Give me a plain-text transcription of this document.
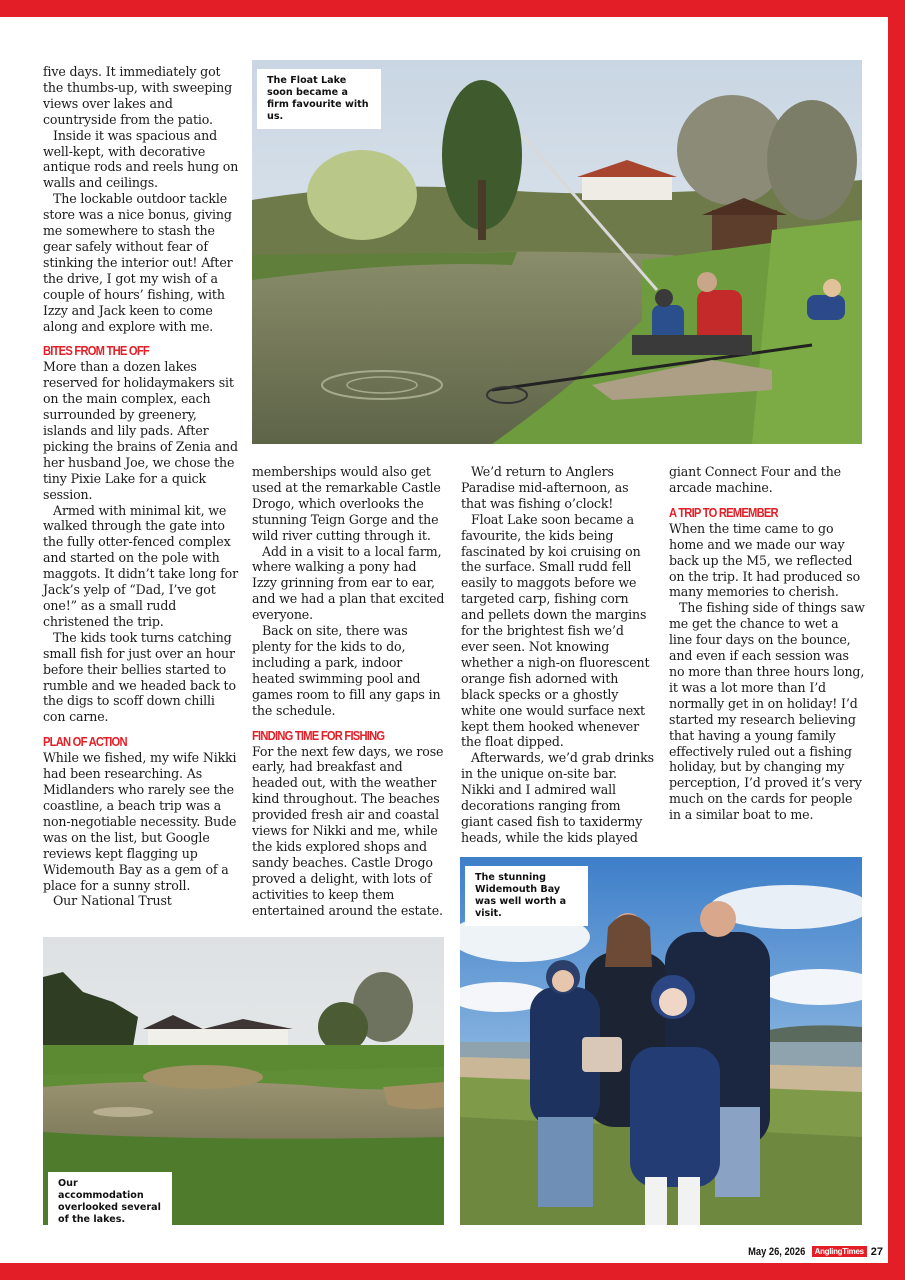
five days. It immediately got the thumbs-up, with sweeping views over lakes and countryside from the patio.

Inside it was spacious and well-kept, with decorative antique rods and reels hung on walls and ceilings.

The lockable outdoor tackle store was a nice bonus, giving me somewhere to stash the gear safely without fear of stinking the interior out! After the drive, I got my wish of a couple of hours’ fishing, with Izzy and Jack keen to come along and explore with me.

BITES FROM THE OFF

More than a dozen lakes reserved for holidaymakers sit on the main complex, each surrounded by greenery, islands and lily pads. After picking the brains of Zenia and her husband Joe, we chose the tiny Pixie Lake for a quick session.

Armed with minimal kit, we walked through the gate into the fully otter-fenced complex and started on the pole with maggots. It didn’t take long for Jack’s yelp of “Dad, I’ve got one!” as a small rudd christened the trip.

The kids took turns catching small fish for just over an hour before their bellies started to rumble and we headed back to the digs to scoff down chilli con carne.

PLAN OF ACTION

While we fished, my wife Nikki had been researching. As Midlanders who rarely see the coastline, a beach trip was a non-negotiable necessity. Bude was on the list, but Google reviews kept flagging up Widemouth Bay as a gem of a place for a sunny stroll.

Our National Trust

The Float Lake soon became a firm favourite with us.

memberships would also get used at the remarkable Castle Drogo, which overlooks the stunning Teign Gorge and the wild river cutting through it.

Add in a visit to a local farm, where walking a pony had Izzy grinning from ear to ear, and we had a plan that excited everyone.

Back on site, there was plenty for the kids to do, including a park, indoor heated swimming pool and games room to fill any gaps in the schedule.

FINDING TIME FOR FISHING

For the next few days, we rose early, had breakfast and headed out, with the weather kind throughout. The beaches provided fresh air and coastal views for Nikki and me, while the kids explored shops and sandy beaches. Castle Drogo proved a delight, with lots of activities to keep them entertained around the estate.

We’d return to Anglers Paradise mid-afternoon, as that was fishing o’clock!

Float Lake soon became a favourite, the kids being fascinated by koi cruising on the surface. Small rudd fell easily to maggots before we targeted carp, fishing corn and pellets down the margins for the brightest fish we’d ever seen. Not knowing whether a nigh-on fluorescent orange fish adorned with black specks or a ghostly white one would surface next kept them hooked whenever the float dipped.

Afterwards, we’d grab drinks in the unique on-site bar. Nikki and I admired wall decorations ranging from giant cased fish to taxidermy heads, while the kids played

giant Connect Four and the arcade machine.

A TRIP TO REMEMBER

When the time came to go home and we made our way back up the M5, we reflected on the trip. It had produced so many memories to cherish.

The fishing side of things saw me get the chance to wet a line four days on the bounce, and even if each session was no more than three hours long, it was a lot more than I’d normally get in on holiday! I’d started my research believing that having a young family effectively ruled out a fishing holiday, but by changing my perception, I’d proved it’s very much on the cards for people in a similar boat to me.

Our accommodation overlooked several of the lakes.
The stunning Widemouth Bay was well worth a visit.
May 26, 2026	AnglingTimes 27
